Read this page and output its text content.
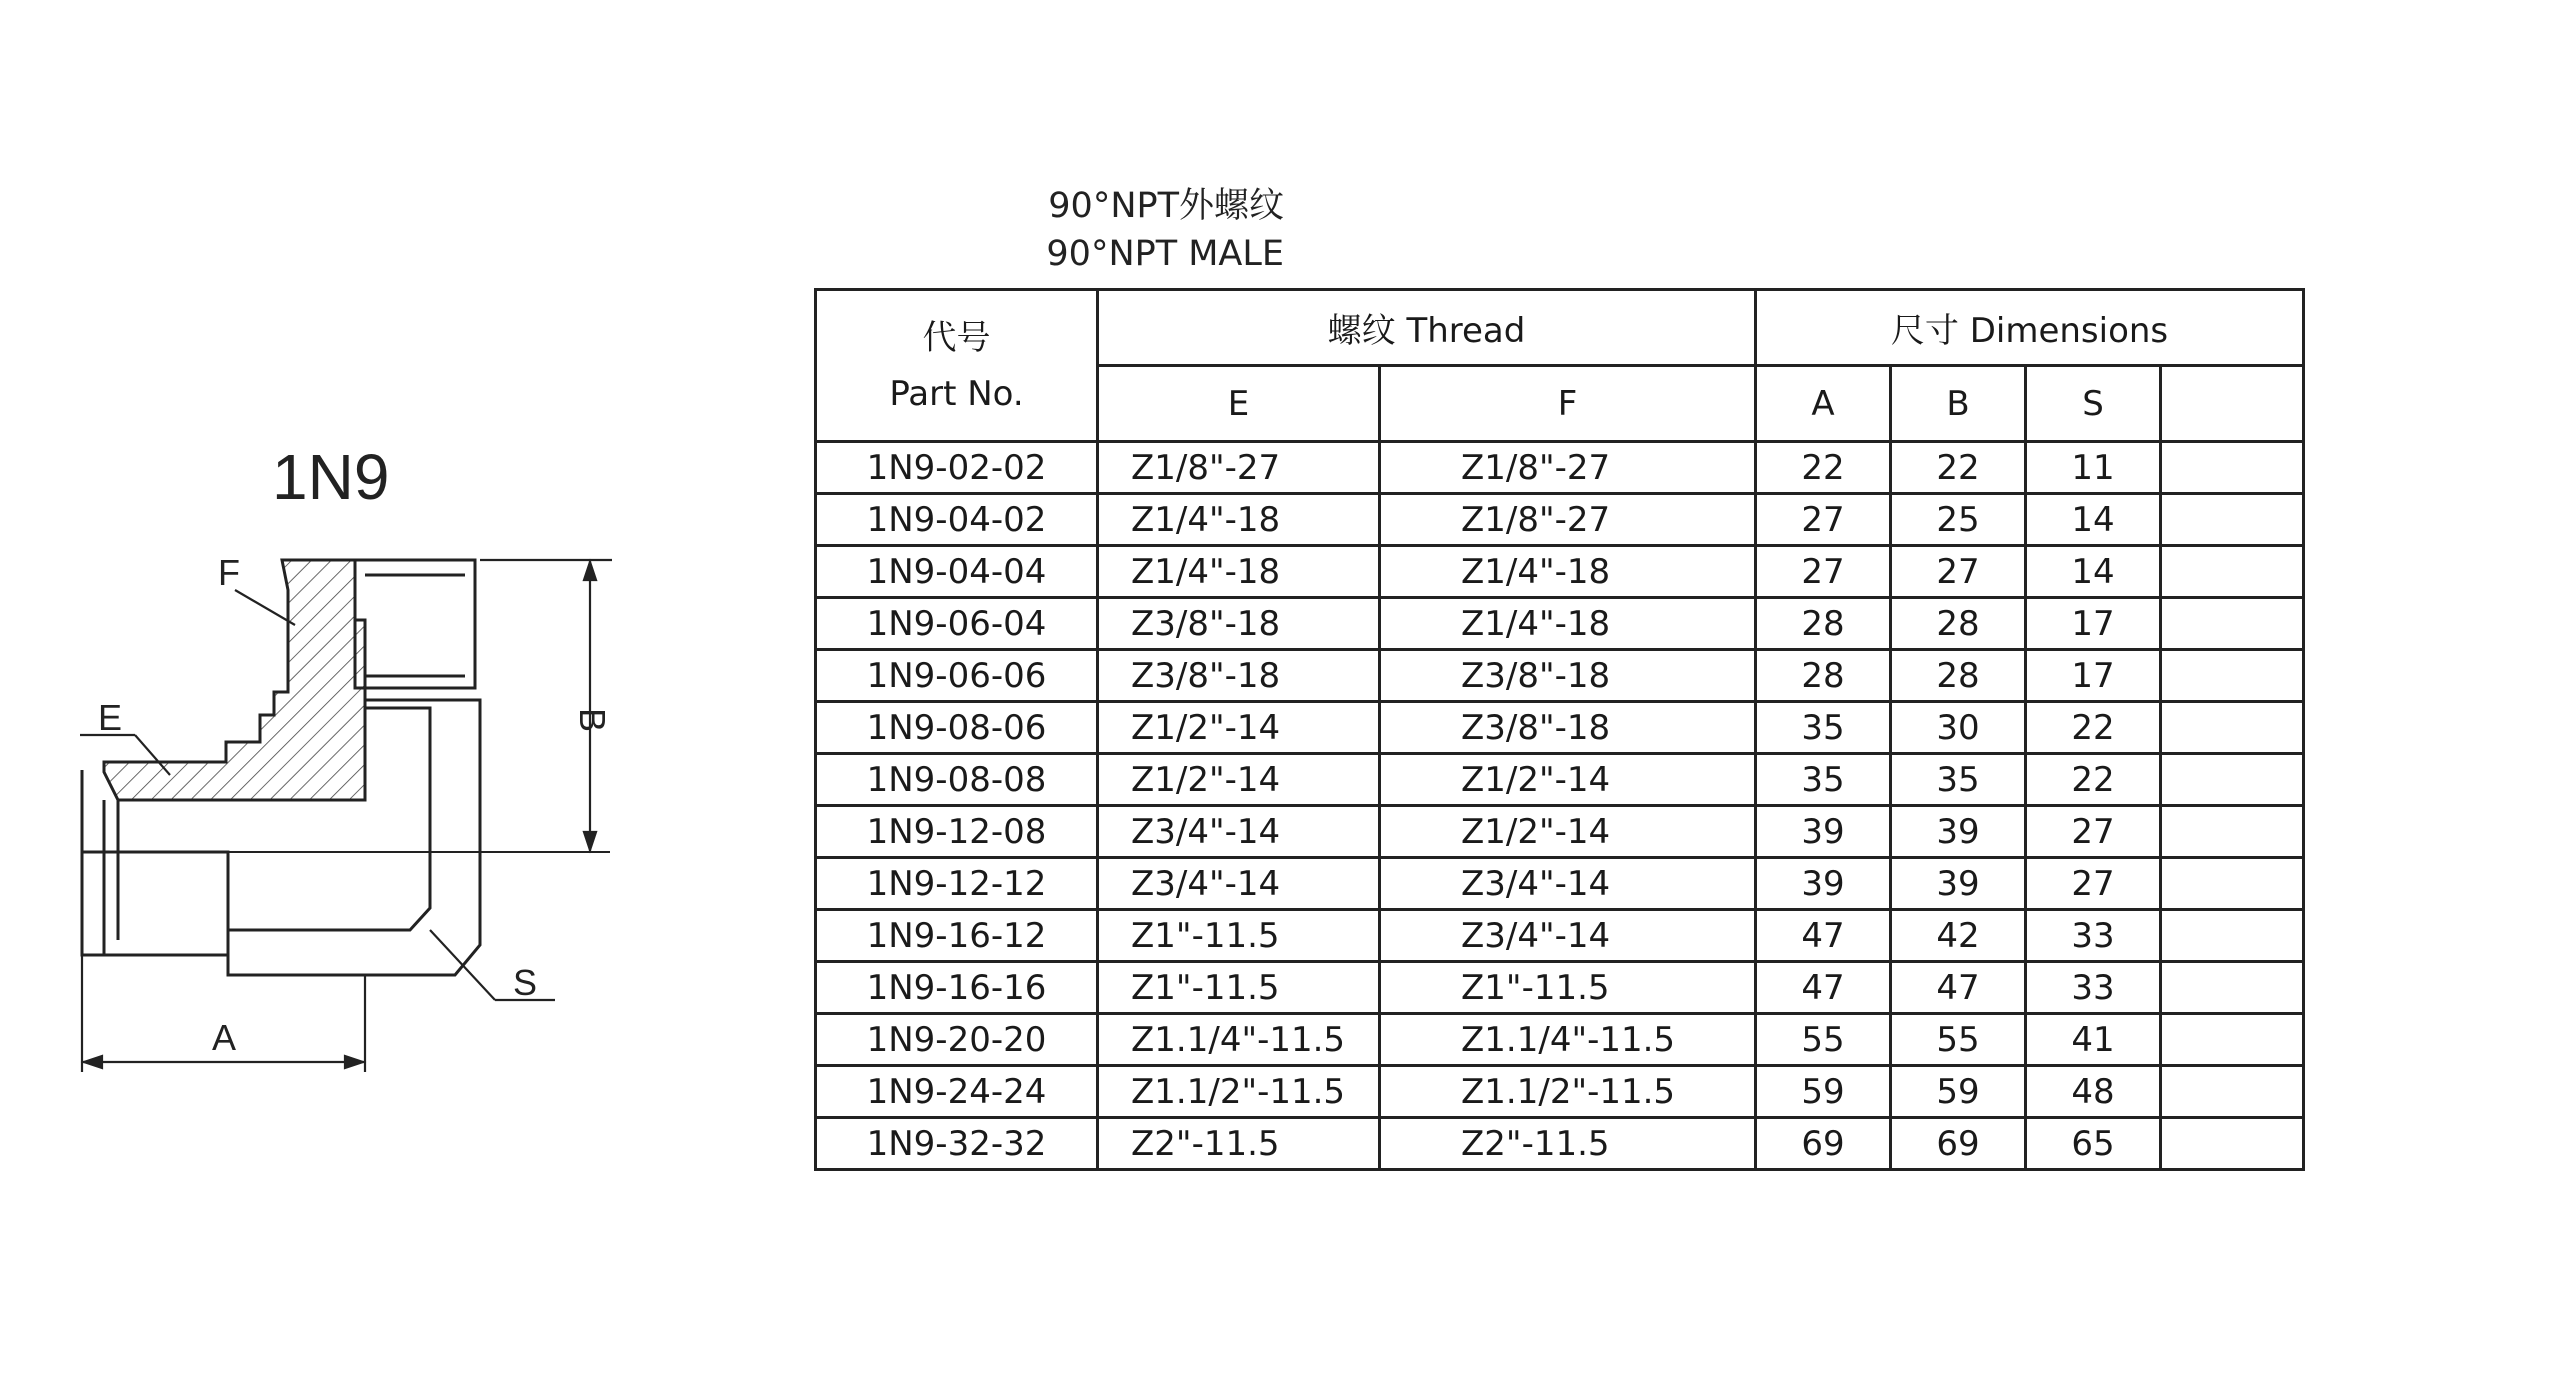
F
E
A
S
B
1N9
90°NPT外螺纹
90°NPT MALE
代号
Part No.	螺纹 Thread		尺寸 Dimensions			
	E	F	A	B	S	
1N9-02-02	Z1/8"-27	Z1/8"-27	22	22	11	
1N9-04-02	Z1/4"-18	Z1/8"-27	27	25	14	
1N9-04-04	Z1/4"-18	Z1/4"-18	27	27	14	
1N9-06-04	Z3/8"-18	Z1/4"-18	28	28	17	
1N9-06-06	Z3/8"-18	Z3/8"-18	28	28	17	
1N9-08-06	Z1/2"-14	Z3/8"-18	35	30	22	
1N9-08-08	Z1/2"-14	Z1/2"-14	35	35	22	
1N9-12-08	Z3/4"-14	Z1/2"-14	39	39	27	
1N9-12-12	Z3/4"-14	Z3/4"-14	39	39	27	
1N9-16-12	Z1"-11.5	Z3/4"-14	47	42	33	
1N9-16-16	Z1"-11.5	Z1"-11.5	47	47	33	
1N9-20-20	Z1.1/4"-11.5	Z1.1/4"-11.5	55	55	41	
1N9-24-24	Z1.1/2"-11.5	Z1.1/2"-11.5	59	59	48	
1N9-32-32	Z2"-11.5	Z2"-11.5	69	69	65	
